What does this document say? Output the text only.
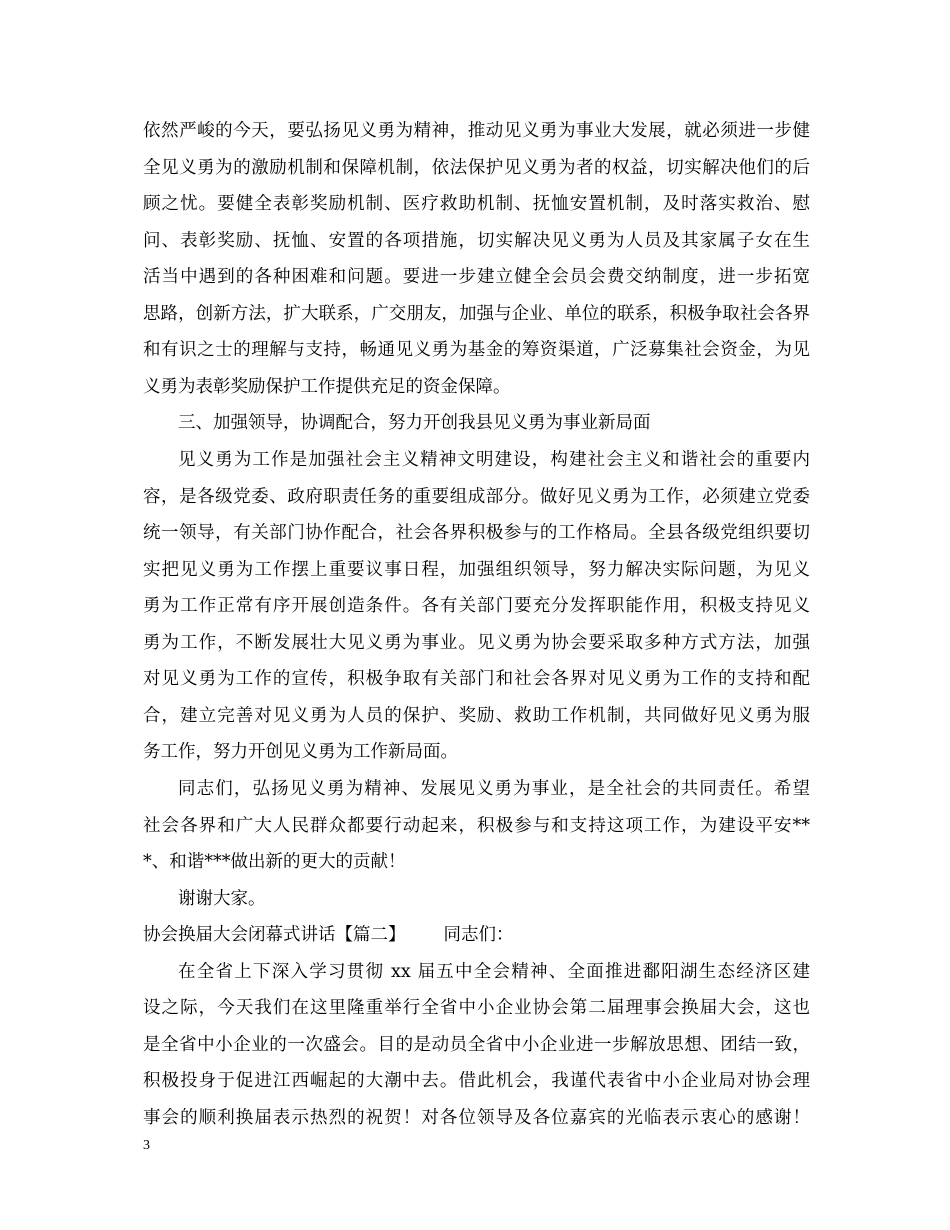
依然严峻的今天，要弘扬见义勇为精神，推动见义勇为事业大发展，就必须进一步健
全见义勇为的激励机制和保障机制，依法保护见义勇为者的权益，切实解决他们的后
顾之忧。要健全表彰奖励机制、医疗救助机制、抚恤安置机制，及时落实救治、慰
问、表彰奖励、抚恤、安置的各项措施，切实解决见义勇为人员及其家属子女在生
活当中遇到的各种困难和问题。要进一步建立健全会员会费交纳制度，进一步拓宽
思路，创新方法，扩大联系，广交朋友，加强与企业、单位的联系，积极争取社会各界
和有识之士的理解与支持，畅通见义勇为基金的筹资渠道，广泛募集社会资金，为见
义勇为表彰奖励保护工作提供充足的资金保障。
三、加强领导，协调配合，努力开创我县见义勇为事业新局面
见义勇为工作是加强社会主义精神文明建设，构建社会主义和谐社会的重要内
容，是各级党委、政府职责任务的重要组成部分。做好见义勇为工作，必须建立党委
统一领导，有关部门协作配合，社会各界积极参与的工作格局。全县各级党组织要切
实把见义勇为工作摆上重要议事日程，加强组织领导，努力解决实际问题，为见义
勇为工作正常有序开展创造条件。各有关部门要充分发挥职能作用，积极支持见义
勇为工作，不断发展壮大见义勇为事业。见义勇为协会要采取多种方式方法，加强
对见义勇为工作的宣传，积极争取有关部门和社会各界对见义勇为工作的支持和配
合，建立完善对见义勇为人员的保护、奖励、救助工作机制，共同做好见义勇为服
务工作，努力开创见义勇为工作新局面。
同志们，弘扬见义勇为精神、发展见义勇为事业，是全社会的共同责任。希望
社会各界和广大人民群众都要行动起来，积极参与和支持这项工作，为建设平安**
*、和谐***做出新的更大的贡献！
谢谢大家。
协会换届大会闭幕式讲话【篇二】 同志们：
在全省上下深入学习贯彻 xx 届五中全会精神、全面推进鄱阳湖生态经济区建
设之际，今天我们在这里隆重举行全省中小企业协会第二届理事会换届大会，这也
是全省中小企业的一次盛会。目的是动员全省中小企业进一步解放思想、团结一致，
积极投身于促进江西崛起的大潮中去。借此机会，我谨代表省中小企业局对协会理
事会的顺利换届表示热烈的祝贺！对各位领导及各位嘉宾的光临表示衷心的感谢！
3
